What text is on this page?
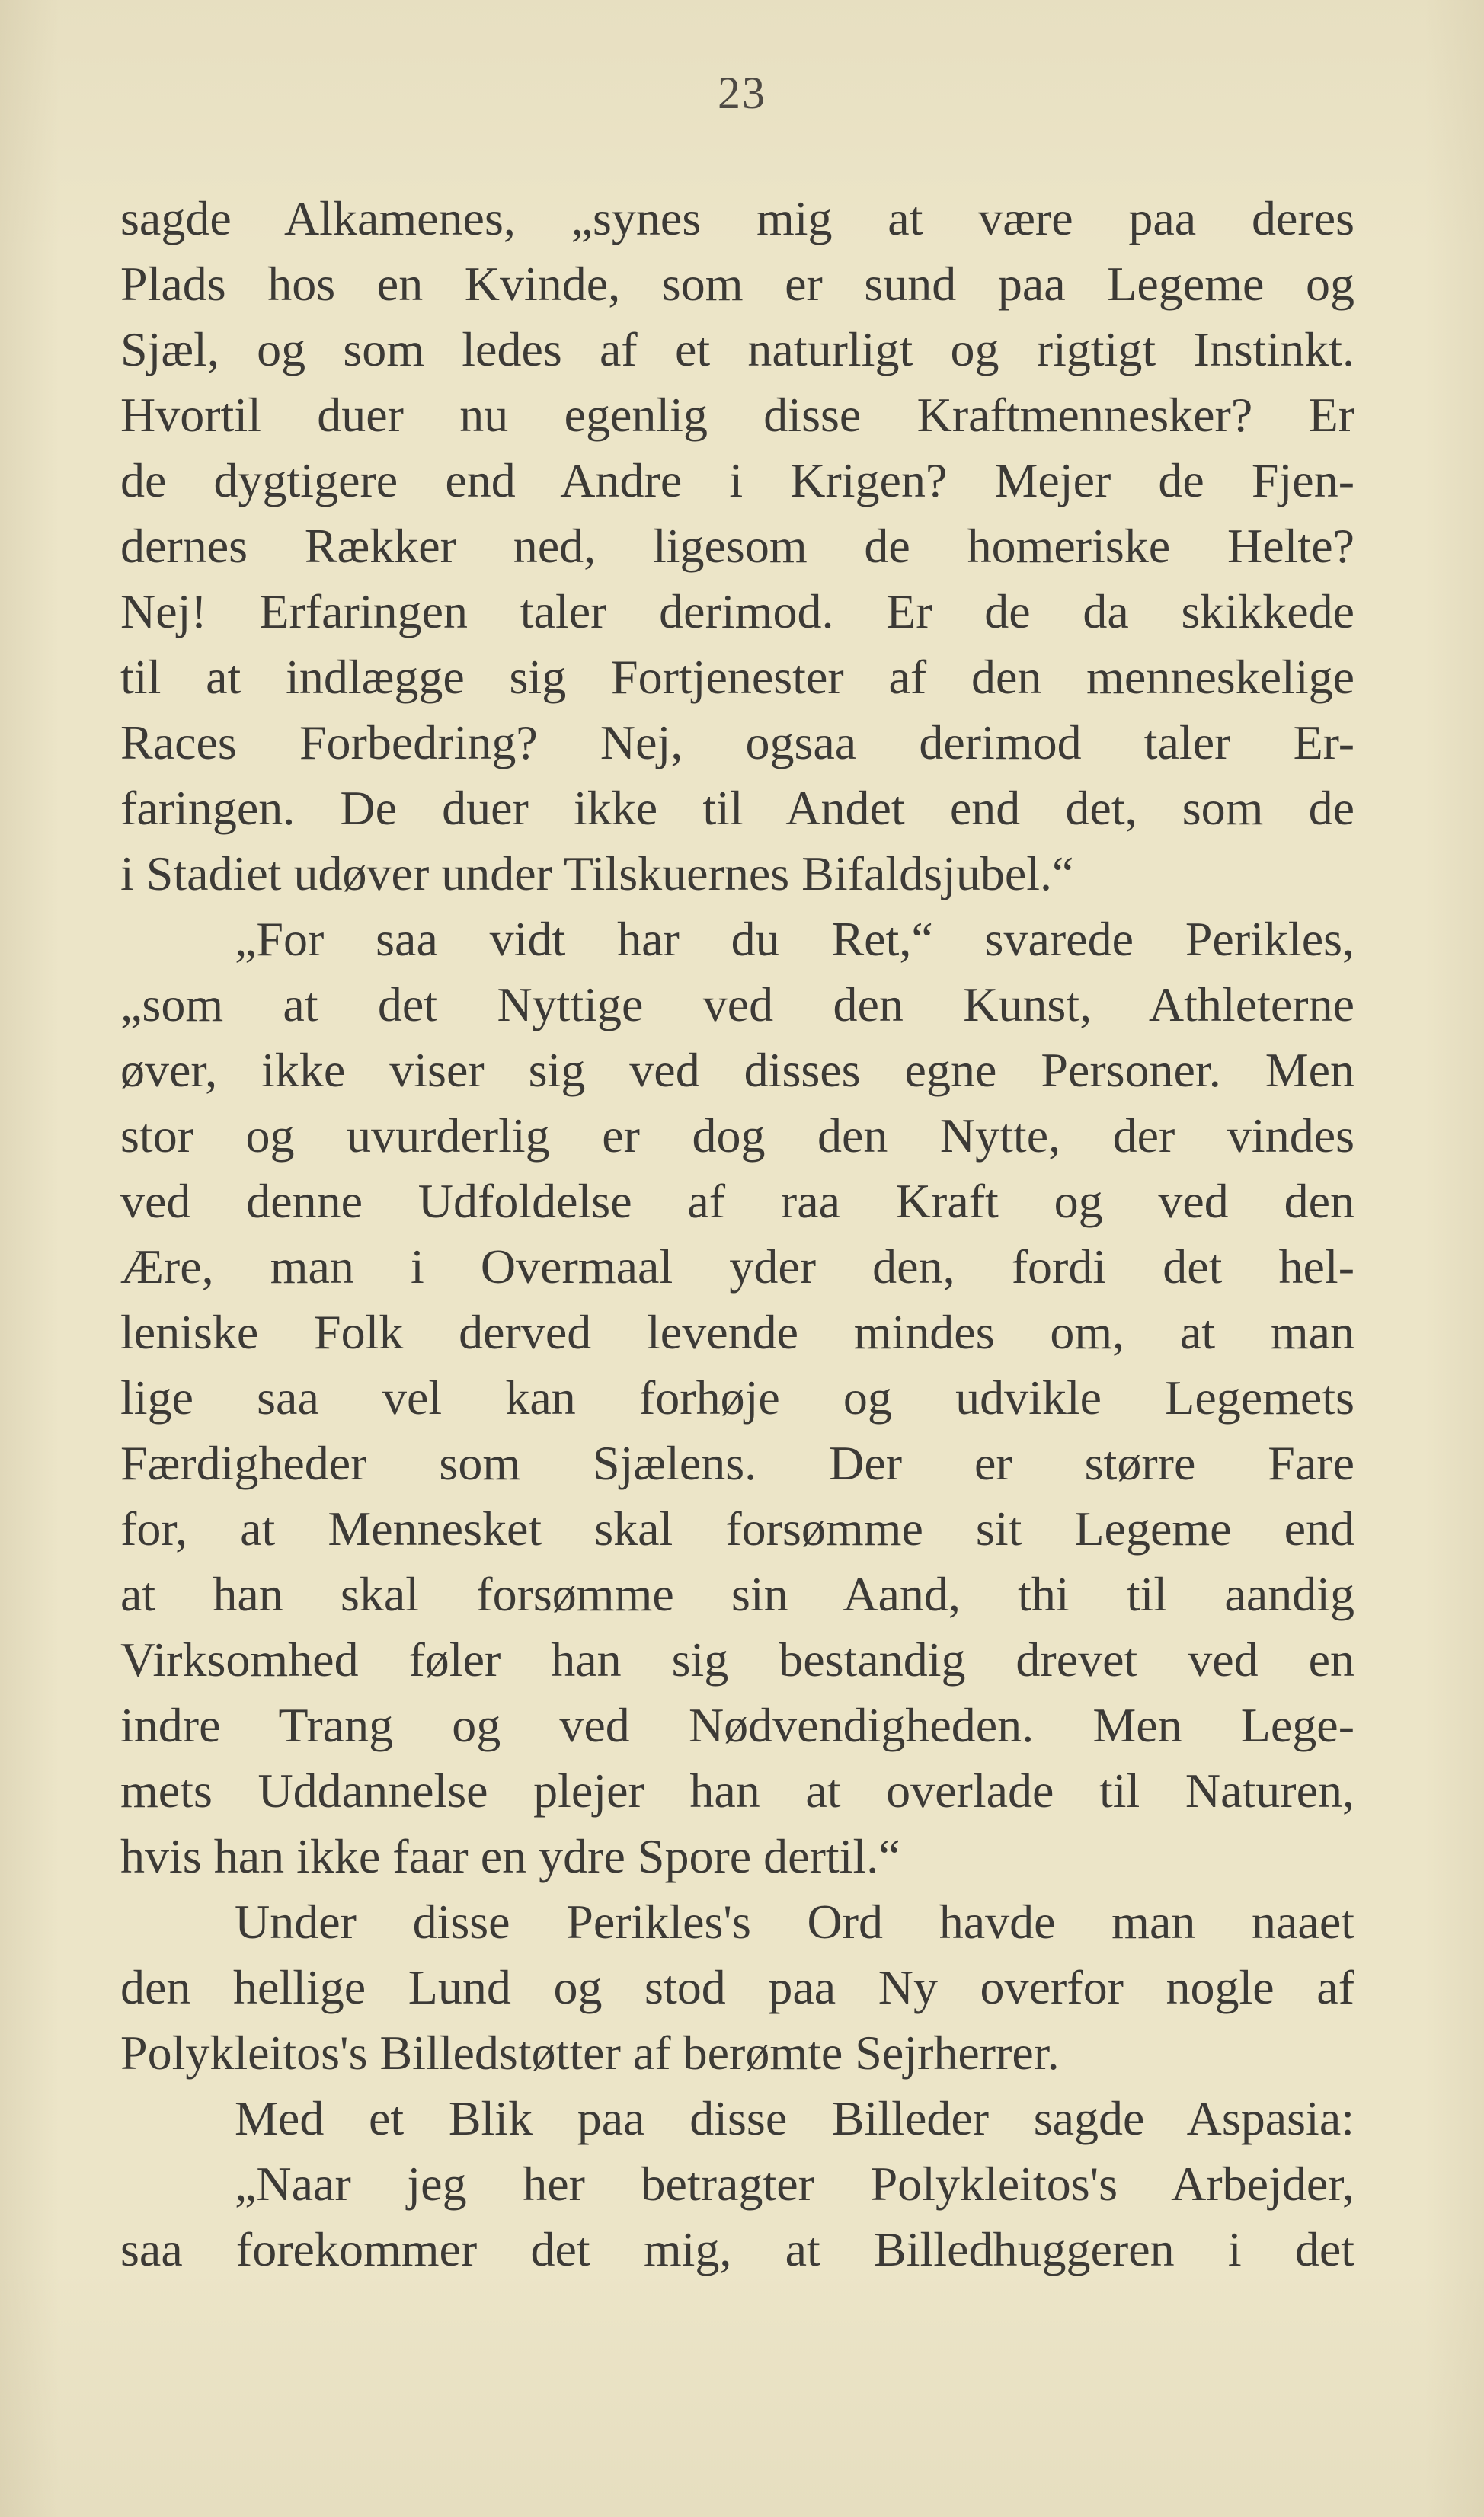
23
sagde Alkamenes, „synes mig at være paa deres
Plads hos en Kvinde, som er sund paa Legeme og
Sjæl, og som ledes af et naturligt og rigtigt Instinkt.
Hvortil duer nu egenlig disse Kraftmennesker? Er
de dygtigere end Andre i Krigen? Mejer de Fjen-
dernes Rækker ned, ligesom de homeriske Helte?
Nej! Erfaringen taler derimod. Er de da skikkede
til at indlægge sig Fortjenester af den menneskelige
Races Forbedring? Nej, ogsaa derimod taler Er-
faringen. De duer ikke til Andet end det, som de
i Stadiet udøver under Tilskuernes Bifaldsjubel.“
„For saa vidt har du Ret,“ svarede Perikles,
„som at det Nyttige ved den Kunst, Athleterne
øver, ikke viser sig ved disses egne Personer. Men
stor og uvurderlig er dog den Nytte, der vindes
ved denne Udfoldelse af raa Kraft og ved den
Ære, man i Overmaal yder den, fordi det hel-
leniske Folk derved levende mindes om, at man
lige saa vel kan forhøje og udvikle Legemets
Færdigheder som Sjælens. Der er større Fare
for, at Mennesket skal forsømme sit Legeme end
at han skal forsømme sin Aand, thi til aandig
Virksomhed føler han sig bestandig drevet ved en
indre Trang og ved Nødvendigheden. Men Lege-
mets Uddannelse plejer han at overlade til Naturen,
hvis han ikke faar en ydre Spore dertil.“
Under disse Perikles's Ord havde man naaet
den hellige Lund og stod paa Ny overfor nogle af
Polykleitos's Billedstøtter af berømte Sejrherrer.
Med et Blik paa disse Billeder sagde Aspasia:
„Naar jeg her betragter Polykleitos's Arbejder,
saa forekommer det mig, at Billedhuggeren i det
